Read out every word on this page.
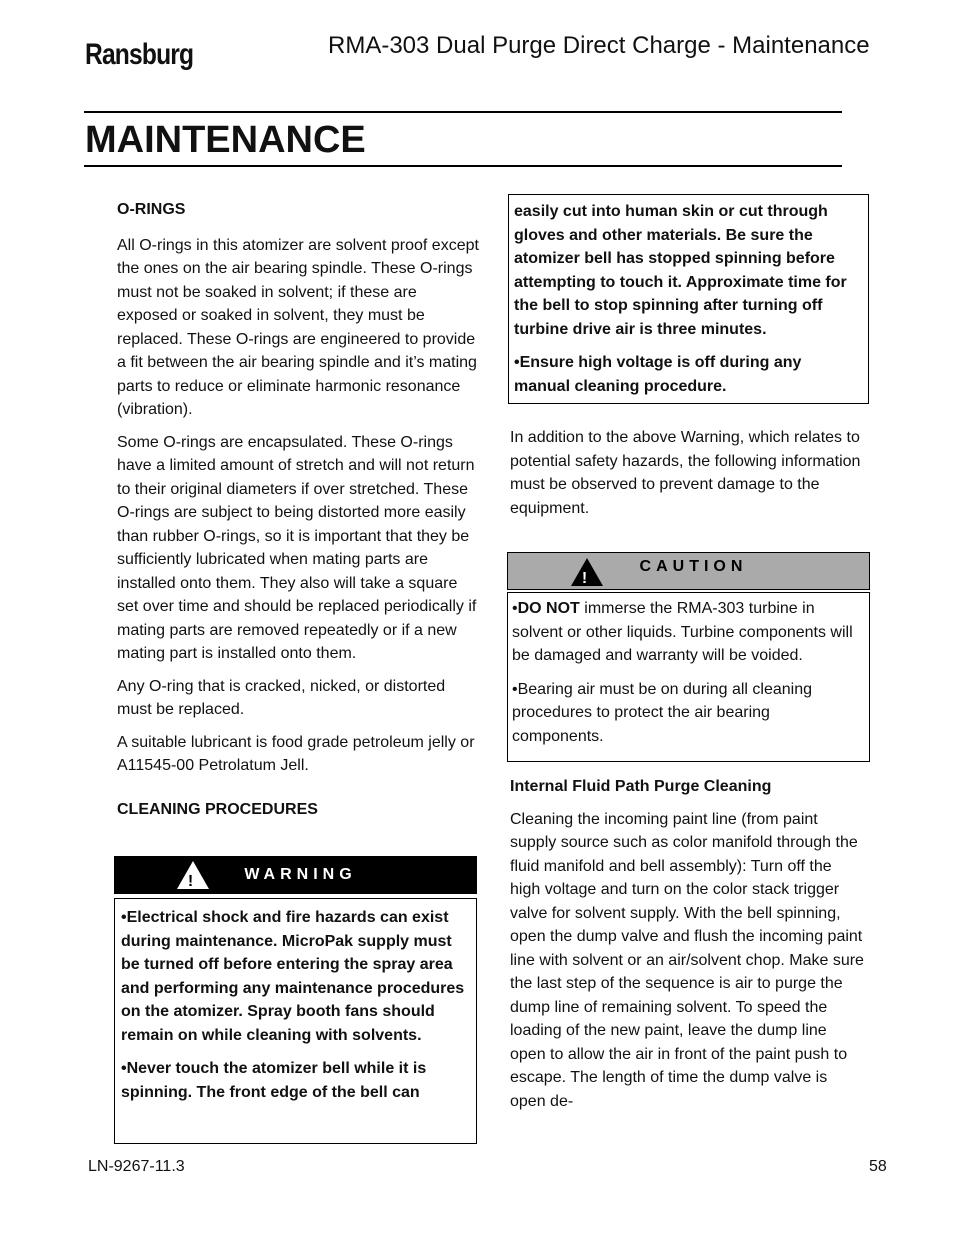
Ransburg	RMA-303 Dual Purge Direct Charge - Maintenance
MAINTENANCE

O-RINGS

All O-rings in this atomizer are solvent proof except the ones on the air bearing spindle. These O-rings must not be soaked in solvent; if these are exposed or soaked in solvent, they must be replaced. These O-rings are engineered to provide a fit between the air bearing spindle and it’s mating parts to reduce or eliminate harmonic resonance (vibration).

Some O-rings are encapsulated. These O-rings have a limited amount of stretch and will not return to their original diameters if over stretched. These O-rings are subject to being distorted more easily than rubber O-rings, so it is important that they be sufficiently lubricated when mating parts are installed onto them. They also will take a square set over time and should be replaced periodically if mating parts are removed repeatedly or if a new mating part is installed onto them.

Any O-ring that is cracked, nicked, or distorted must be replaced.

A suitable lubricant is food grade petroleum jelly or A11545-00 Petrolatum Jell.

CLEANING PROCEDURES

!	WARNING

•Electrical shock and fire hazards can exist during maintenance. MicroPak supply must be turned off before entering the spray area and performing any maintenance procedures on the atomizer. Spray booth fans should remain on while cleaning with solvents.

•Never touch the atomizer bell while it is spinning. The front edge of the bell can

easily cut into human skin or cut through gloves and other materials. Be sure the atomizer bell has stopped spinning before attempting to touch it. Approximate time for the bell to stop spinning after turning off turbine drive air is three minutes.

•Ensure high voltage is off during any manual cleaning procedure.

In addition to the above Warning, which relates to potential safety hazards, the following information must be observed to prevent damage to the equipment.
!
CAUTION

•DO NOT immerse the RMA-303 turbine in solvent or other liquids. Turbine components will be damaged and warranty will be voided.

•Bearing air must be on during all cleaning procedures to protect the air bearing components.

Internal Fluid Path Purge Cleaning

Cleaning the incoming paint line (from paint supply source such as color manifold through the fluid manifold and bell assembly): Turn off the high voltage and turn on the color stack trigger valve for solvent supply. With the bell spinning, open the dump valve and flush the incoming paint line with solvent or an air/solvent chop. Make sure the last step of the sequence is air to purge the dump line of remaining solvent. To speed the loading of the new paint, leave the dump line open to allow the air in front of the paint push to escape. The length of time the dump valve is open de-

LN-9267-11.3	58
